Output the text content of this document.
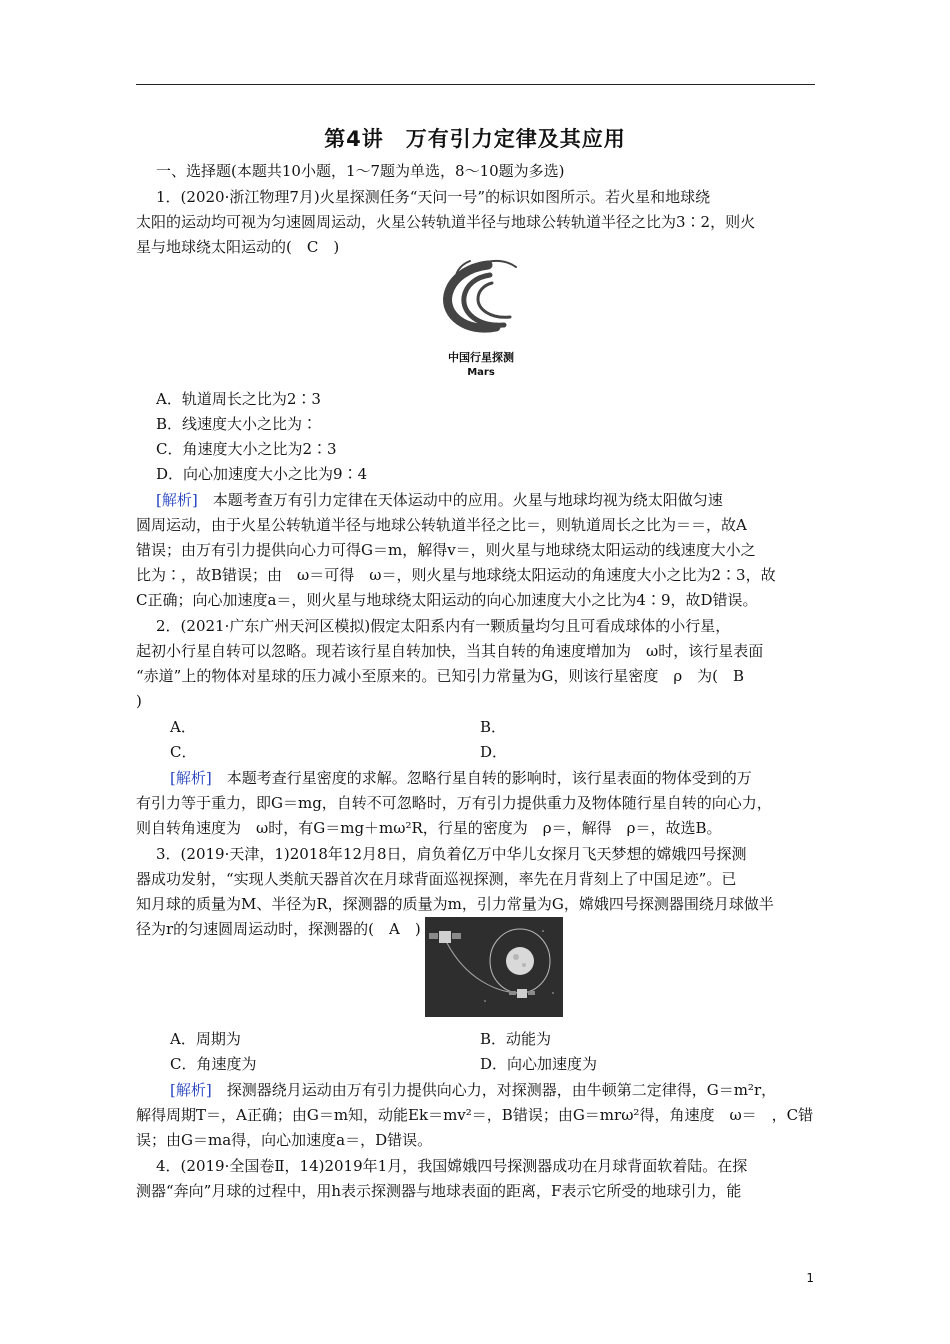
第4讲　万有引力定律及其应用
一、选择题(本题共10小题，1～7题为单选，8～10题为多选)
1．(2020·浙江物理7月)火星探测任务“天问一号”的标识如图所示。若火星和地球绕
太阳的运动均可视为匀速圆周运动，火星公转轨道半径与地球公转轨道半径之比为3∶2，则火
星与地球绕太阳运动的(　C　)
中国行星探测
Mars
A．轨道周长之比为2∶3
B．线速度大小之比为∶
C．角速度大小之比为2∶3
D．向心加速度大小之比为9∶4
[解析]　本题考查万有引力定律在天体运动中的应用。火星与地球均视为绕太阳做匀速
圆周运动，由于火星公转轨道半径与地球公转轨道半径之比＝，则轨道周长之比为＝＝，故A
错误；由万有引力提供向心力可得G＝m，解得v＝，则火星与地球绕太阳运动的线速度大小之
比为∶，故B错误；由　ω＝可得　ω＝，则火星与地球绕太阳运动的角速度大小之比为2∶3，故
C正确；向心加速度a＝，则火星与地球绕太阳运动的向心加速度大小之比为4∶9，故D错误。
2．(2021·广东广州天河区模拟)假定太阳系内有一颗质量均匀且可看成球体的小行星，
起初小行星自转可以忽略。现若该行星自转加快，当其自转的角速度增加为　ω时，该行星表面
“赤道”上的物体对星球的压力减小至原来的。已知引力常量为G，则该行星密度　ρ　为(　B
)
A．	B．
C．	D．
[解析]　本题考查行星密度的求解。忽略行星自转的影响时，该行星表面的物体受到的万
有引力等于重力，即G＝mg，自转不可忽略时，万有引力提供重力及物体随行星自转的向心力，
则自转角速度为　ω时，有G＝mg＋mω²R，行星的密度为　ρ＝，解得　ρ＝，故选B。
3．(2019·天津，1)2018年12月8日，肩负着亿万中华儿女探月飞天梦想的嫦娥四号探测
器成功发射，“实现人类航天器首次在月球背面巡视探测，率先在月背刻上了中国足迹”。已
知月球的质量为M、半径为R，探测器的质量为m，引力常量为G，嫦娥四号探测器围绕月球做半
径为r的匀速圆周运动时，探测器的(　A　)
A．周期为	B．动能为
C．角速度为	D．向心加速度为
[解析]　探测器绕月运动由万有引力提供向心力，对探测器，由牛顿第二定律得，G＝m²r，
解得周期T＝，A正确；由G＝m知，动能Ek＝mv²＝，B错误；由G＝mrω²得，角速度　ω＝　，C错
误；由G＝ma得，向心加速度a＝，D错误。
4．(2019·全国卷Ⅱ，14)2019年1月，我国嫦娥四号探测器成功在月球背面软着陆。在探
测器“奔向”月球的过程中，用h表示探测器与地球表面的距离，F表示它所受的地球引力，能
1
